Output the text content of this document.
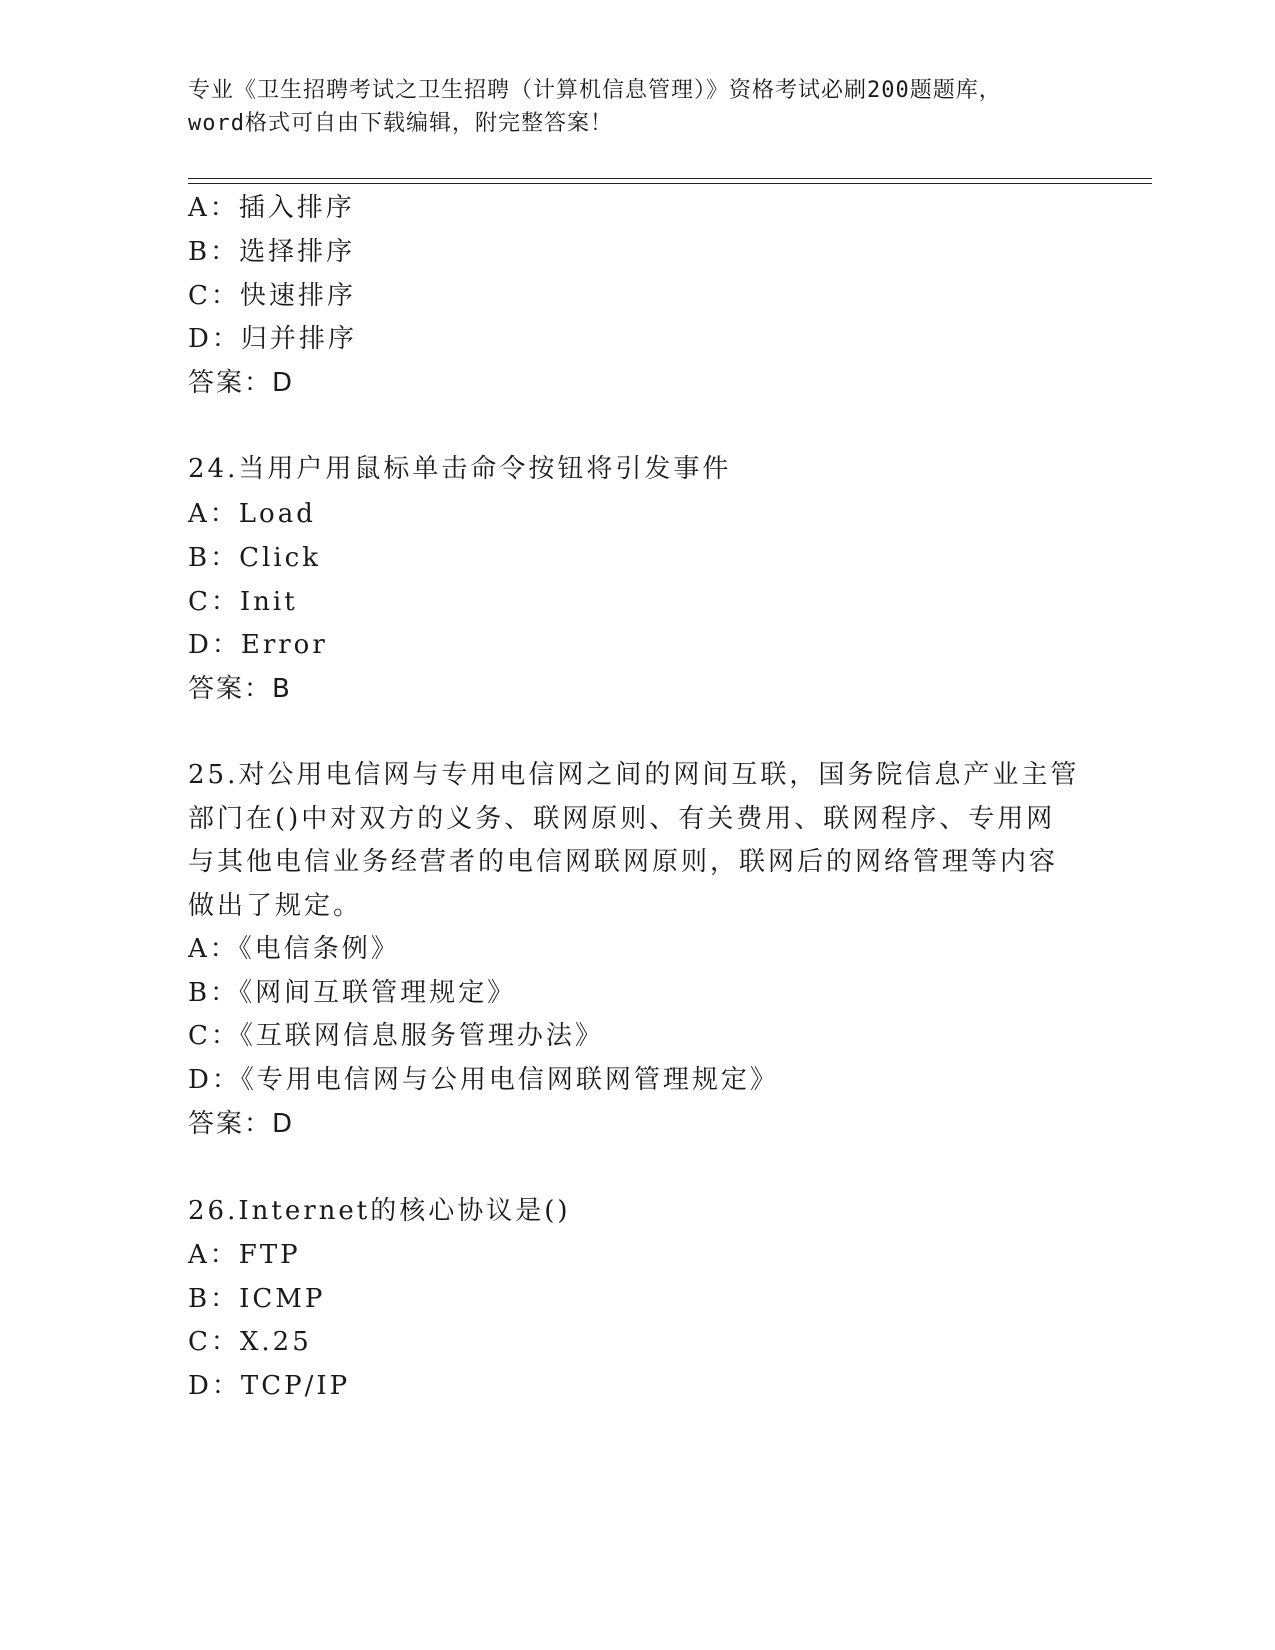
专业《卫生招聘考试之卫生招聘（计算机信息管理）》资格考试必刷200题题库，
word格式可自由下载编辑，附完整答案！
A：插入排序
B：选择排序
C：快速排序
D：归并排序
答案：D
24.当用户用鼠标单击命令按钮将引发事件
A：Load
B：Click
C：Init
D：Error
答案：B
25.对公用电信网与专用电信网之间的网间互联，国务院信息产业主管
部门在()中对双方的义务、联网原则、有关费用、联网程序、专用网
与其他电信业务经营者的电信网联网原则，联网后的网络管理等内容
做出了规定。
A：《电信条例》
B：《网间互联管理规定》
C：《互联网信息服务管理办法》
D：《专用电信网与公用电信网联网管理规定》
答案：D
26.Internet的核心协议是()
A：FTP
B：ICMP
C：X.25
D：TCP/IP
